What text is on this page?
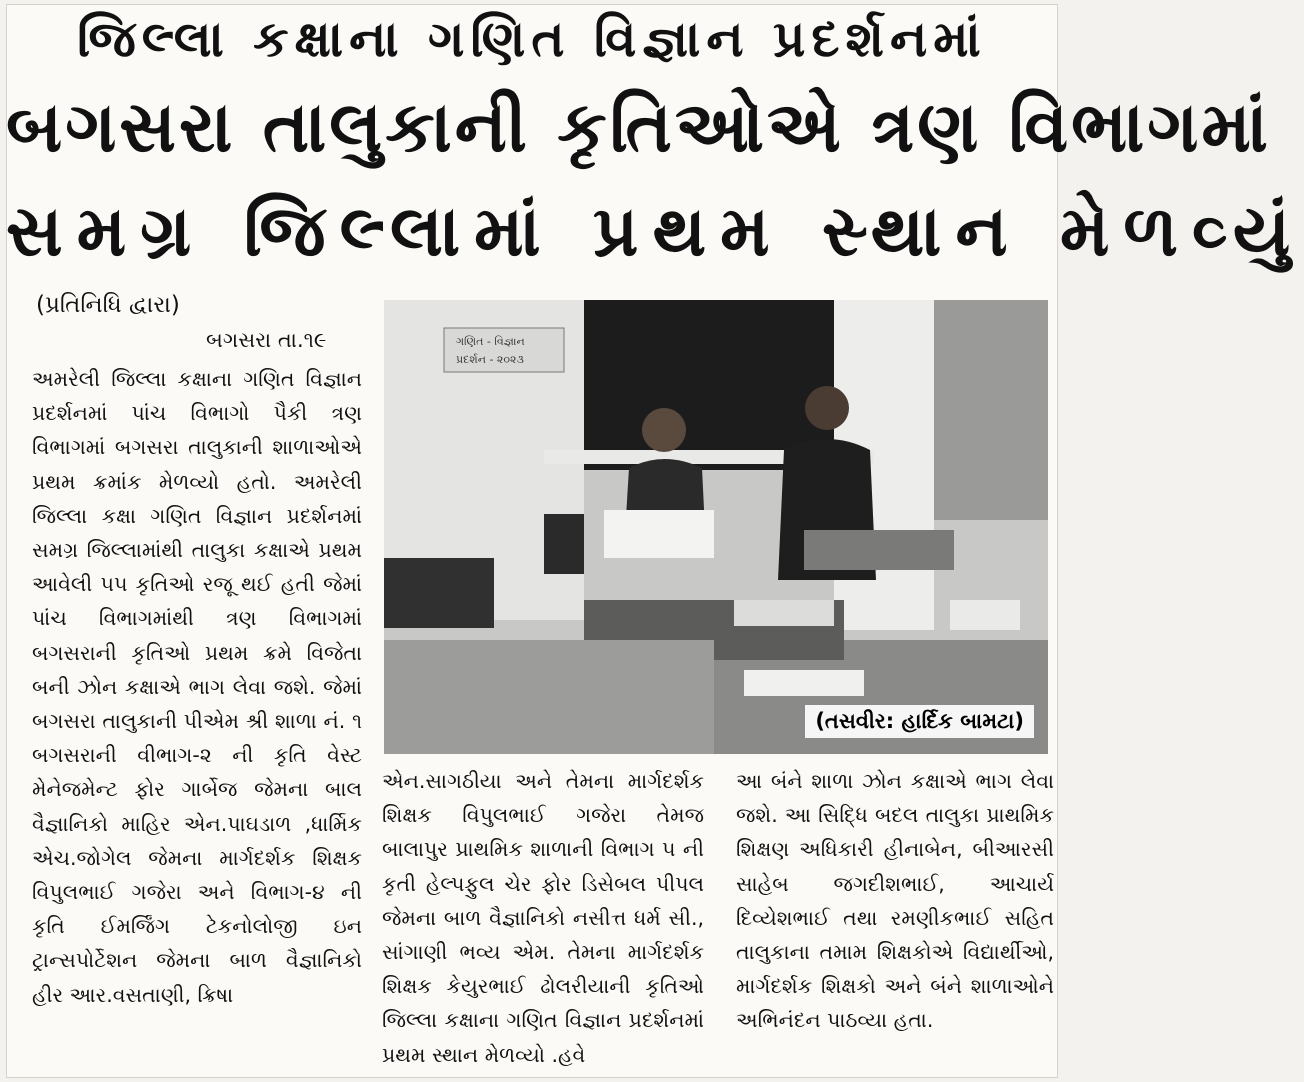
જિલ્લા કક્ષાના ગણિત વિજ્ઞાન પ્રદર્શનમાં
બગસરા તાલુકાની કૃતિઓએ ત્રણ વિભાગમાં
સમગ્ર જિલ્લામાં પ્રથમ સ્થાન મેળવ્યું
(પ્રતિનિધિ દ્વારા)
બગસરા તા.૧૯

અમરેલી જિલ્લા કક્ષાના ગણિત વિજ્ઞાન પ્રદર્શનમાં પાંચ વિભાગો પૈકી ત્રણ વિભાગમાં બગસરા તાલુકાની શાળાઓએ પ્રથમ ક્રમાંક મેળવ્યો હતો. અમરેલી જિલ્લા કક્ષા ગણિત વિજ્ઞાન પ્રદર્શનમાં સમગ્ર જિલ્લામાંથી તાલુકા કક્ષાએ પ્રથમ આવેલી ૫૫ કૃતિઓ રજૂ થઈ હતી જેમાં પાંચ વિભાગમાંથી ત્રણ વિભાગમાં બગસરાની કૃતિઓ પ્રથમ ક્રમે વિજેતા બની ઝોન કક્ષાએ ભાગ લેવા જશે. જેમાં બગસરા તાલુકાની પીએમ શ્રી શાળા નં. ૧ બગસરાની વીભાગ-૨ ની કૃતિ વેસ્ટ મેનેજમેન્ટ ફોર ગાર્બેજ જેમના બાલ વૈજ્ઞાનિકો માહિર એન.પાઘડાળ ,ધાર્મિક એચ.જોગેલ જેમના માર્ગદર્શક શિક્ષક વિપુલભાઈ ગજેરા અને વિભાગ-૪ ની કૃતિ ઈમર્જિંગ ટેકનોલોજી ઇન ટ્રાન્સપોર્ટેશન જેમના બાળ વૈજ્ઞાનિકો હીર આર.વસતાણી, ક્રિષા

ગણિત - વિજ્ઞાન
પ્રદર્શન - ૨૦૨૩
(તસવીર: હાર્દિક બામટા)

એન.સાગઠીયા અને તેમના માર્ગદર્શક શિક્ષક વિપુલભાઈ ગજેરા તેમજ બાલાપુર પ્રાથમિક શાળાની વિભાગ ૫ ની કૃતી હેલ્પફુલ ચેર ફોર ડિસેબલ પીપલ જેમના બાળ વૈજ્ઞાનિકો નસીત્ત ધર્મ સી., સાંગાણી ભવ્ય એમ. તેમના માર્ગદર્શક શિક્ષક કેયુરભાઈ ઢોલરીયાની કૃતિઓ જિલ્લા કક્ષાના ગણિત વિજ્ઞાન પ્રદર્શનમાં પ્રથમ સ્થાન મેળવ્યો .હવે

આ બંને શાળા ઝોન કક્ષાએ ભાગ લેવા જશે. આ સિદ્ધિ બદલ તાલુકા પ્રાથમિક શિક્ષણ અધિકારી હીનાબેન, બીઆરસી સાહેબ જગદીશભાઈ, આચાર્ય દિવ્યેશભાઈ તથા રમણીકભાઈ સહિત તાલુકાના તમામ શિક્ષકોએ વિદ્યાર્થીઓ, માર્ગદર્શક શિક્ષકો અને બંને શાળાઓને અભિનંદન પાઠવ્યા હતા.
